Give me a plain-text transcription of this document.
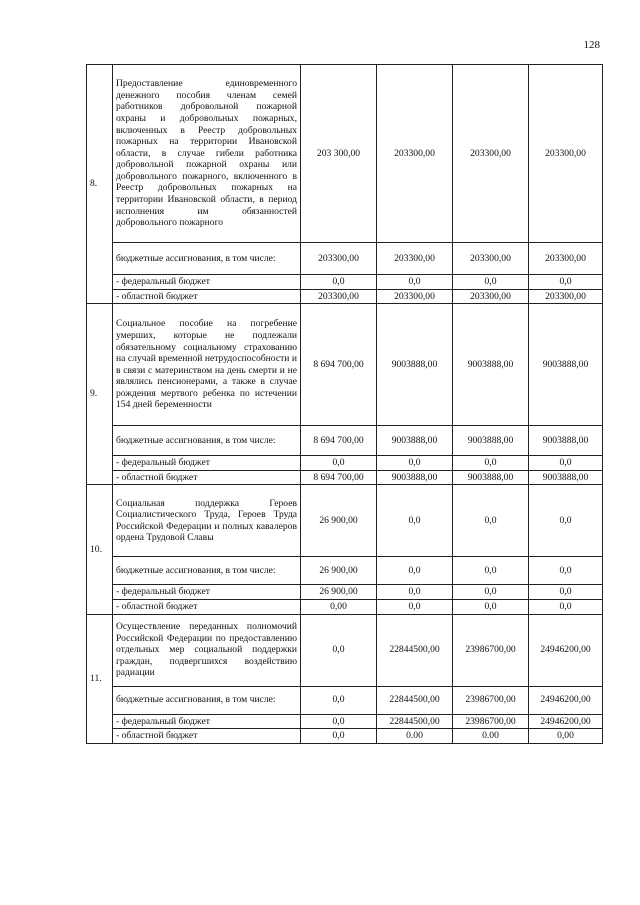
128
8.	Предоставление единовременного денежного пособия членам семей работников добровольной пожарной охраны и добровольных пожарных, включенных в Реестр добровольных пожарных на территории Ивановской области, в случае гибели работника добровольной пожарной охраны или добровольного пожарного, включенного в Реестр добровольных пожарных на территории Ивановской области, в период исполнения им обязанностей добровольного пожарного	203 300,00	203300,00	203300,00	203300,00
	бюджетные ассигнования, в том числе:	203300,00	203300,00	203300,00	203300,00
	- федеральный бюджет	0,0	0,0	0,0	0,0
	- областной бюджет	203300,00	203300,00	203300,00	203300,00
9.	Социальное пособие на погребение умерших, которые не подлежали обязательному социальному страхованию на случай временной нетрудоспособности и в связи с материнством на день смерти и не являлись пенсионерами, а также в случае рождения мертвого ребенка по истечении 154 дней беременности	8 694 700,00	9003888,00	9003888,00	9003888,00
	бюджетные ассигнования, в том числе:	8 694 700,00	9003888,00	9003888,00	9003888,00
	- федеральный бюджет	0,0	0,0	0,0	0,0
	- областной бюджет	8 694 700,00	9003888,00	9003888,00	9003888,00
10.	Социальная поддержка Героев Социалистического Труда, Героев Труда Российской Федерации и полных кавалеров ордена Трудовой Славы	26 900,00	0,0	0,0	0,0
	бюджетные ассигнования, в том числе:	26 900,00	0,0	0,0	0,0
	- федеральный бюджет	26 900,00	0,0	0,0	0,0
	- областной бюджет	0,00	0,0	0,0	0,0
11.	Осуществление переданных полномочий Российской Федерации по предоставлению отдельных мер социальной поддержки граждан, подвергшихся воздействию радиации	0,0	22844500,00	23986700,00	24946200,00
	бюджетные ассигнования, в том числе:	0,0	22844500,00	23986700,00	24946200,00
	- федеральный бюджет	0,0	22844500,00	23986700,00	24946200,00
	- областной бюджет	0,0	0.00	0.00	0,00
